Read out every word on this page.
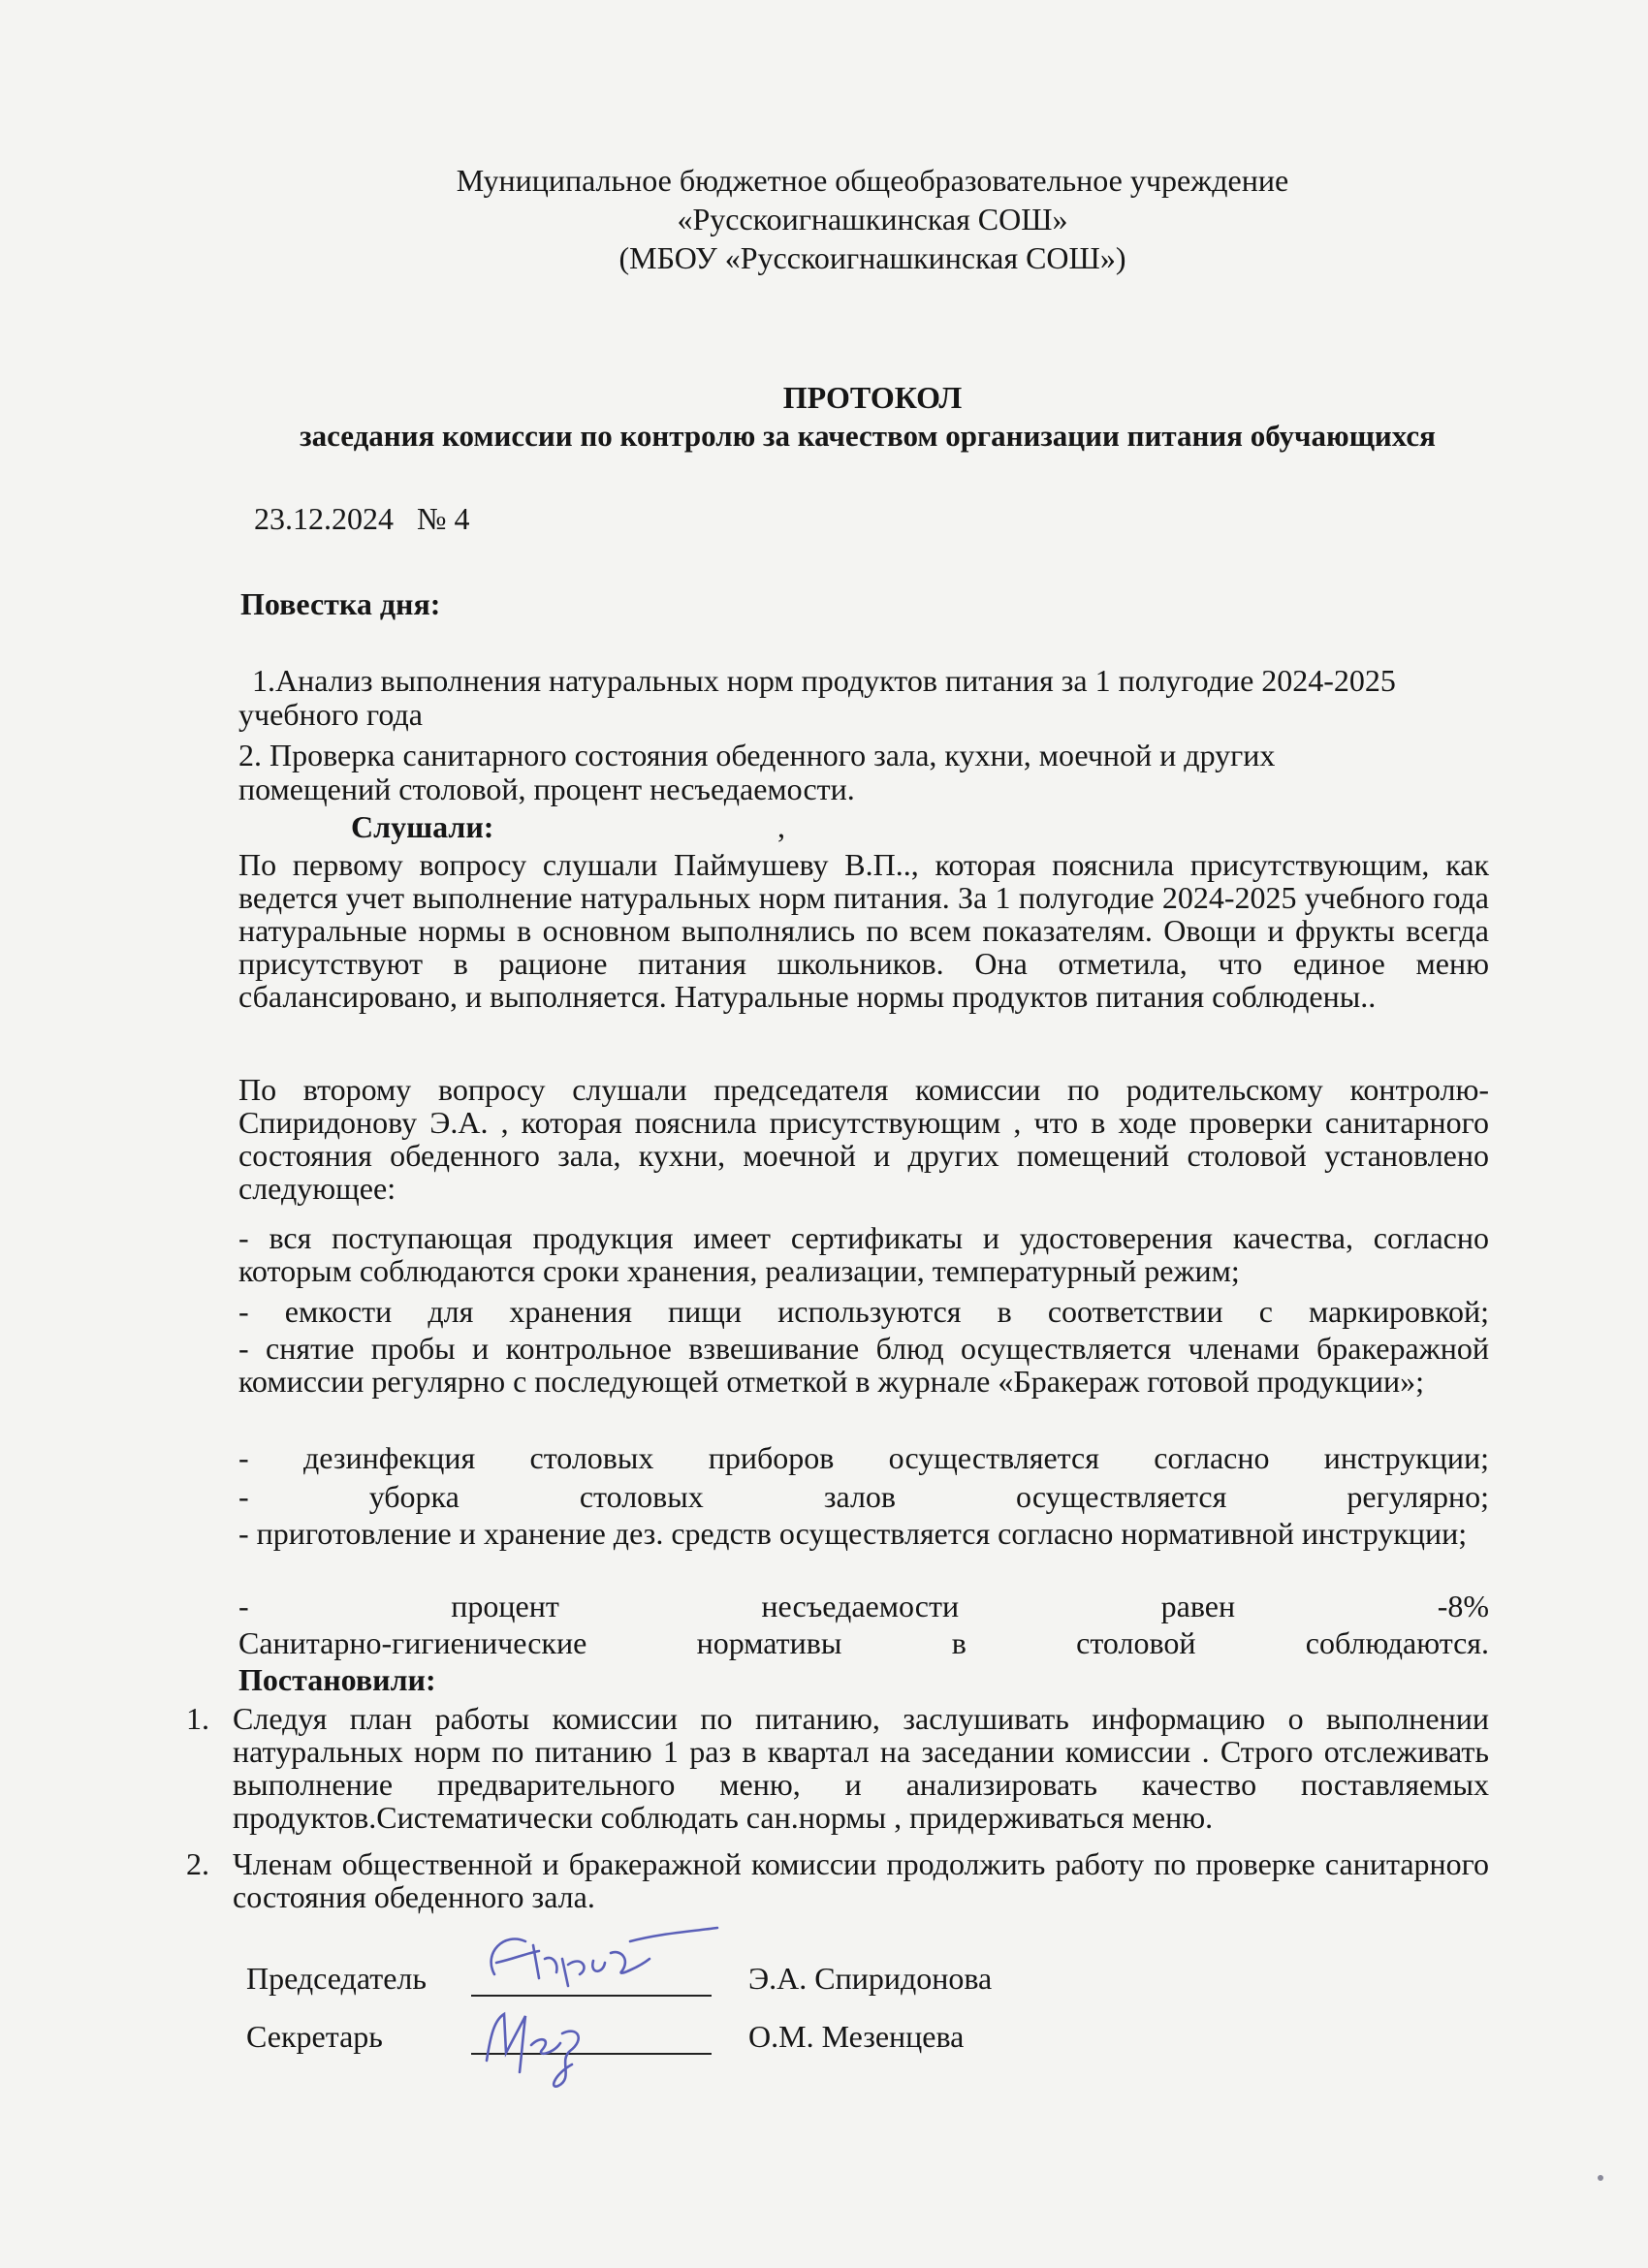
Муниципальное бюджетное общеобразовательное учреждение
«Русскоигнашкинская СОШ»
(МБОУ «Русскоигнашкинская СОШ»)
ПРОТОКОЛ
заседания комиссии по контролю за качеством организации питания обучающихся
23.12.2024 № 4
Повестка дня:
1.Анализ выполнения натуральных норм продуктов питания за 1 полугодие 2024-2025
учебного года
2. Проверка санитарного состояния обеденного зала, кухни, моечной и других
помещений столовой, процент несъедаемости.
Слушали:	,
По первому вопросу слушали Паймушеву В.П.., которая пояснила присутствующим, как ведется учет выполнение натуральных норм питания. За 1 полугодие 2024-2025 учебного года натуральные нормы в основном выполнялись по всем показателям. Овощи и фрукты всегда присутствуют в рационе питания школьников. Она отметила, что единое меню сбалансировано, и выполняется. Натуральные нормы продуктов питания соблюдены..
По второму вопросу слушали председателя комиссии по родительскому контролю- Спиридонову Э.А. , которая пояснила присутствующим , что в ходе проверки санитарного состояния обеденного зала, кухни, моечной и других помещений столовой установлено следующее:
- вся поступающая продукция имеет сертификаты и удостоверения качества, согласно которым соблюдаются сроки хранения, реализации, температурный режим;
- емкости для хранения пищи используются в соответствии с маркировкой;
- снятие пробы и контрольное взвешивание блюд осуществляется членами бракеражной комиссии регулярно с последующей отметкой в журнале «Бракераж готовой продукции»;
- дезинфекция столовых приборов осуществляется согласно инструкции;
- уборка столовых залов осуществляется регулярно;
- приготовление и хранение дез. средств осуществляется согласно нормативной инструкции;
- процент несъедаемости равен -8%
Санитарно-гигиенические нормативы в столовой соблюдаются.
Постановили:
1. Следуя план работы комиссии по питанию, заслушивать информацию о выполнении натуральных норм по питанию 1 раз в квартал на заседании комиссии . Строго отслеживать выполнение предварительного меню, и анализировать качество поставляемых продуктов.Систематически соблюдать сан.нормы , придерживаться меню.
2. Членам общественной и бракеражной комиссии продолжить работу по проверке санитарного состояния обеденного зала.
Председатель	Э.А. Спиридонова
Секретарь	О.М. Мезенцева
